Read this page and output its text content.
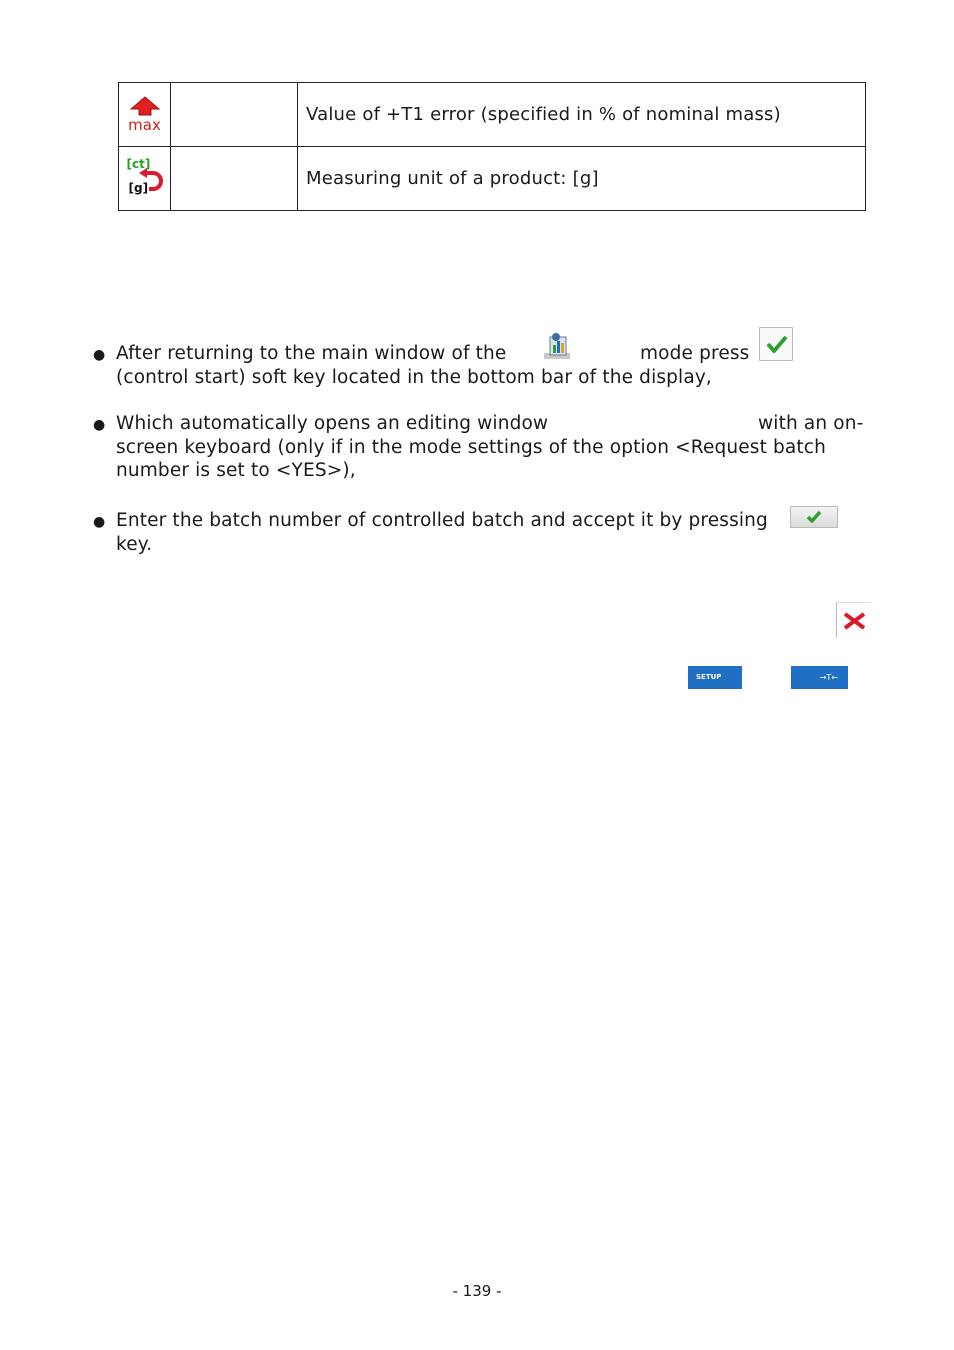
max		Value of +T1 error (specified in % of nominal mass)

[ct]
[g]		Measuring unit of a product: [g]
● After returning to the main window of the	mode press
(control start) soft key located in the bottom bar of the display,
● Which automatically opens an editing window	with an on-
screen keyboard (only if in the mode settings of the option <Request batch
number is set to <YES>),
● Enter the batch number of controlled batch and accept it by pressing
key.
SETUP	→T←
- 139 -
